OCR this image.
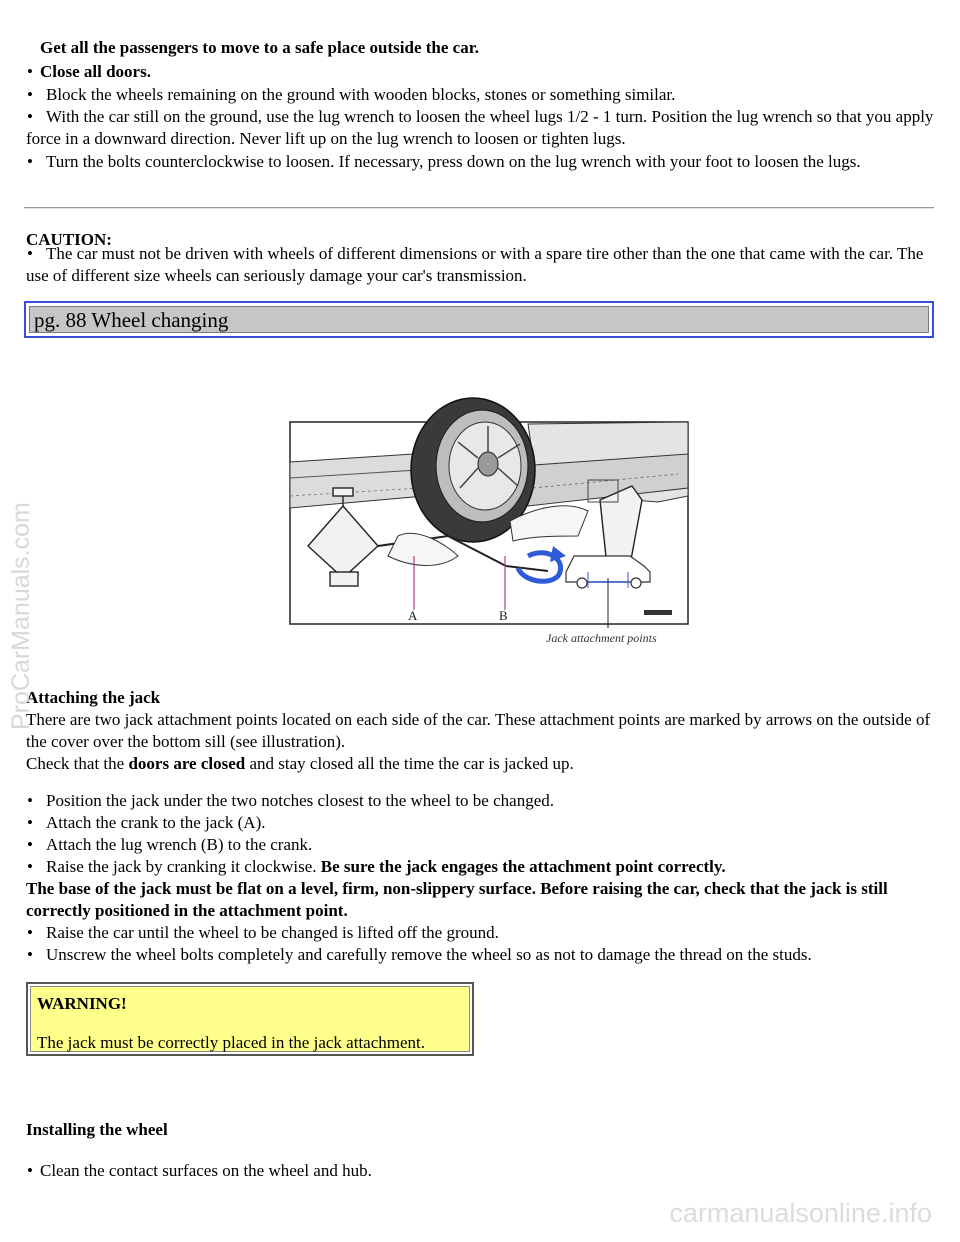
Get all the passengers to move to a safe place outside the car.
• Close all doors.
• Block the wheels remaining on the ground with wooden blocks, stones or something similar.
• With the car still on the ground, use the lug wrench to loosen the wheel lugs 1/2 - 1 turn. Position the lug wrench so that you apply force in a downward direction. Never lift up on the lug wrench to loosen or tighten lugs.
• Turn the bolts counterclockwise to loosen. If necessary, press down on the lug wrench with your foot to loosen the lugs.
CAUTION:
• The car must not be driven with wheels of different dimensions or with a spare tire other than the one that came with the car. The use of different size wheels can seriously damage your car's transmission.
pg. 88 Wheel changing
A	B
Jack attachment points
Attaching the jack
There are two jack attachment points located on each side of the car. These attachment points are marked by arrows on the outside of the cover over the bottom sill (see illustration).
Check that the doors are closed and stay closed all the time the car is jacked up.
• Position the jack under the two notches closest to the wheel to be changed.
• Attach the crank to the jack (A).
• Attach the lug wrench (B) to the crank.
• Raise the jack by cranking it clockwise. Be sure the jack engages the attachment point correctly.
The base of the jack must be flat on a level, firm, non-slippery surface. Before raising the car, check that the jack is still correctly positioned in the attachment point.
• Raise the car until the wheel to be changed is lifted off the ground.
• Unscrew the wheel bolts completely and carefully remove the wheel so as not to damage the thread on the studs.
WARNING!
The jack must be correctly placed in the jack attachment.
Installing the wheel
• Clean the contact surfaces on the wheel and hub.
ProCarManuals.com
carmanualsonline.info
